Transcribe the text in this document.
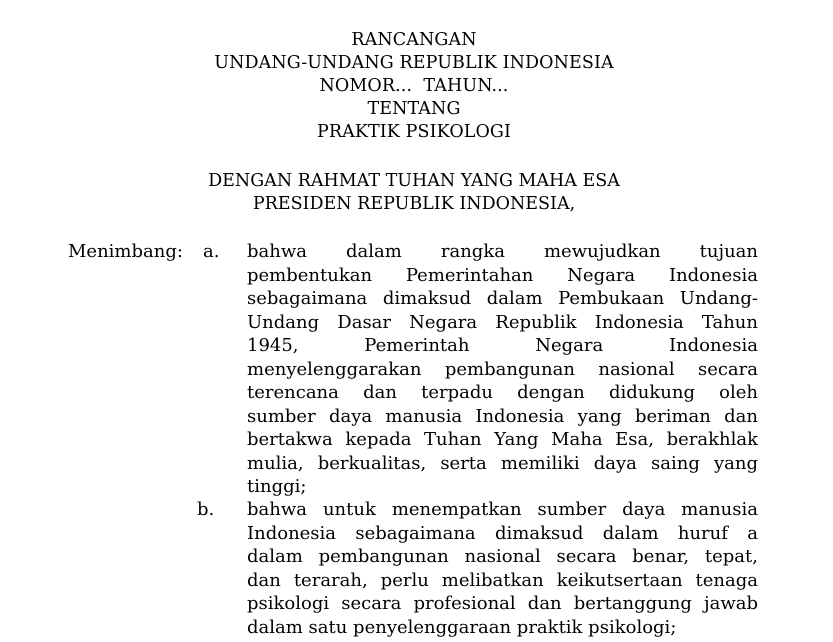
RANCANGAN
UNDANG-UNDANG REPUBLIK INDONESIA
NOMOR...  TAHUN...
TENTANG
PRAKTIK PSIKOLOGI
DENGAN RAHMAT TUHAN YANG MAHA ESA
PRESIDEN REPUBLIK INDONESIA,
Menimbang: a. bahwa dalam rangka mewujudkan tujuan
pembentukan Pemerintahan Negara Indonesia
sebagaimana dimaksud dalam Pembukaan Undang-
Undang Dasar Negara Republik Indonesia Tahun
1945, Pemerintah Negara Indonesia
menyelenggarakan pembangunan nasional secara
terencana dan terpadu dengan didukung oleh
sumber daya manusia Indonesia yang beriman dan
bertakwa kepada Tuhan Yang Maha Esa, berakhlak
mulia, berkualitas, serta memiliki daya saing yang
tinggi;
b. bahwa untuk menempatkan sumber daya manusia
Indonesia sebagaimana dimaksud dalam huruf a
dalam pembangunan nasional secara benar, tepat,
dan terarah, perlu melibatkan keikutsertaan tenaga
psikologi secara profesional dan bertanggung jawab
dalam satu penyelenggaraan praktik psikologi;
